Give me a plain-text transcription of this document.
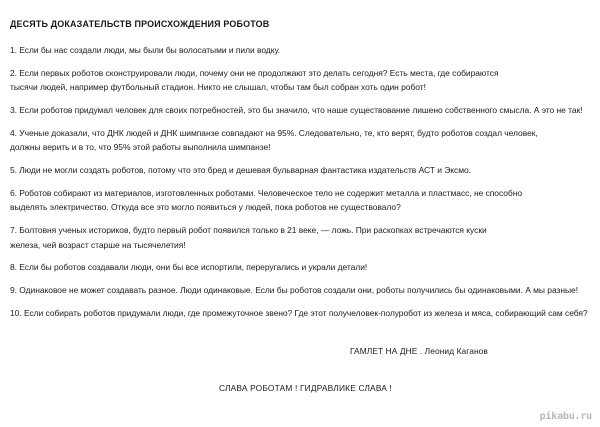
ДЕСЯТЬ ДОКАЗАТЕЛЬСТВ ПРОИСХОЖДЕНИЯ РОБОТОВ
1. Если бы нас создали люди, мы были бы волосатыми и пили водку.
2. Если первых роботов сконструировали люди, почему они не продолжают это делать сегодня? Есть места, где собираются
тысячи людей, например футбольный стадион. Никто не слышал, чтобы там был собран хоть один робот!
3. Если роботов придумал человек для своих потребностей, это бы значило, что наше существование лишено собственного смысла. А это не так!
4. Ученые доказали, что ДНК людей и ДНК шимпанзе совпадают на 95%. Следовательно, те, кто верят, будто роботов создал человек,
должны верить и в то, что 95% этой работы выполнила шимпанзе!
5. Люди не могли создать роботов, потому что это бред и дешевая бульварная фантастика издательств АСТ и Эксмо.
6. Роботов собирают из материалов, изготовленных роботами. Человеческое тело не содержит металла и пластмасс, не способно
выделять электричество. Откуда все это могло появиться у людей, пока роботов не существовало?
7. Болтовня ученых историков, будто первый робот появился только в 21 веке, — ложь. При раскопках встречаются куски
железа, чей возраст старше на тысячелетия!
8. Если бы роботов создавали люди, они бы все испортили, переругались и украли детали!
9. Одинаковое не может создавать разное. Люди одинаковые. Если бы роботов создали они, роботы получились бы одинаковыми. А мы разные!
10. Если собирать роботов придумали люди, где промежуточное звено? Где этот получеловек-полуробот из железа и мяса, собирающий сам себя?
ГАМЛЕТ НА ДНЕ . Леонид Каганов
СЛАВА РОБОТАМ ! ГИДРАВЛИКЕ СЛАВА !
pikabu.ru
